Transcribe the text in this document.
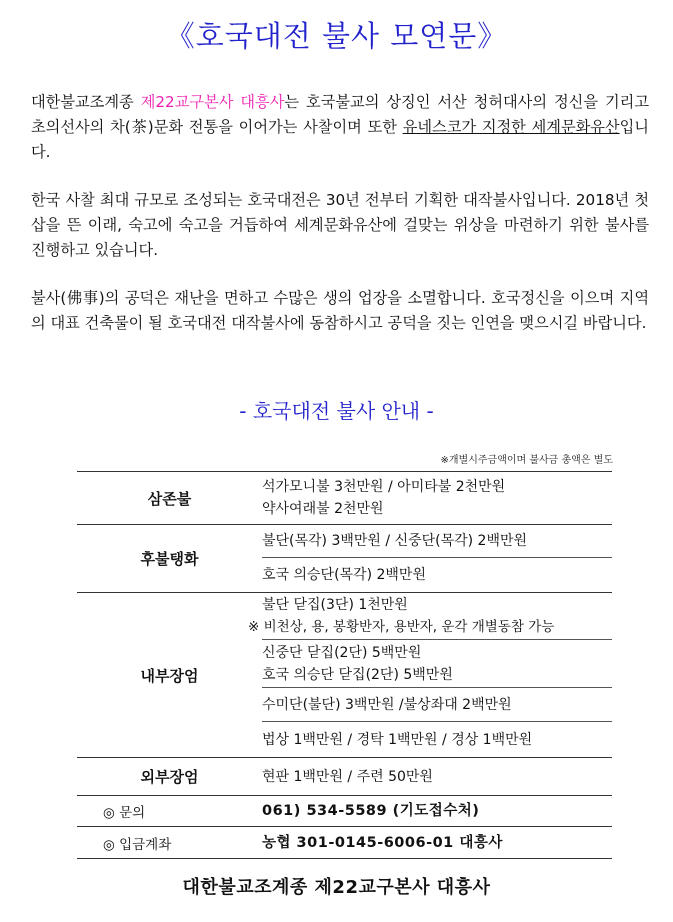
《호국대전 불사 모연문》

대한불교조계종 제22교구본사 대흥사는 호국불교의 상징인 서산 청허대사의 정신을 기리고 초의선사의 차(茶)문화 전통을 이어가는 사찰이며 또한 유네스코가 지정한 세계문화유산입니다.

한국 사찰 최대 규모로 조성되는 호국대전은 30년 전부터 기획한 대작불사입니다. 2018년 첫 삽을 뜬 이래, 숙고에 숙고을 거듭하여 세계문화유산에 걸맞는 위상을 마련하기 위한 불사를 진행하고 있습니다.

불사(佛事)의 공덕은 재난을 면하고 수많은 생의 업장을 소멸합니다. 호국정신을 이으며 지역의 대표 건축물이 될 호국대전 대작불사에 동참하시고 공덕을 짓는 인연을 맺으시길 바랍니다.

- 호국대전 불사 안내 -
※개별시주금액이며 불사금 총액은 별도
삼존불	석가모니불 3천만원 / 아미타불 2천만원
약사여래불 2천만원

후불탱화	불단(목각) 3백만원 / 신중단(목각) 2백만원
	호국 의승단(목각) 2백만원
내부장엄	불단 닫집(3단) 1천만원
※ 비천상, 용, 봉황반자, 용반자, 운각 개별동참 가능

	신중단 닫집(2단) 5백만원
호국 의승단 닫집(2단) 5백만원

	수미단(불단) 3백만원 /불상좌대 2백만원
	법상 1백만원 / 경탁 1백만원 / 경상 1백만원
외부장엄	현판 1백만원 / 주련 50만원
◎ 문의	061) 534-5589 (기도접수처)
◎ 입금계좌	농협 301-0145-6006-01 대흥사
대한불교조계종 제22교구본사 대흥사
